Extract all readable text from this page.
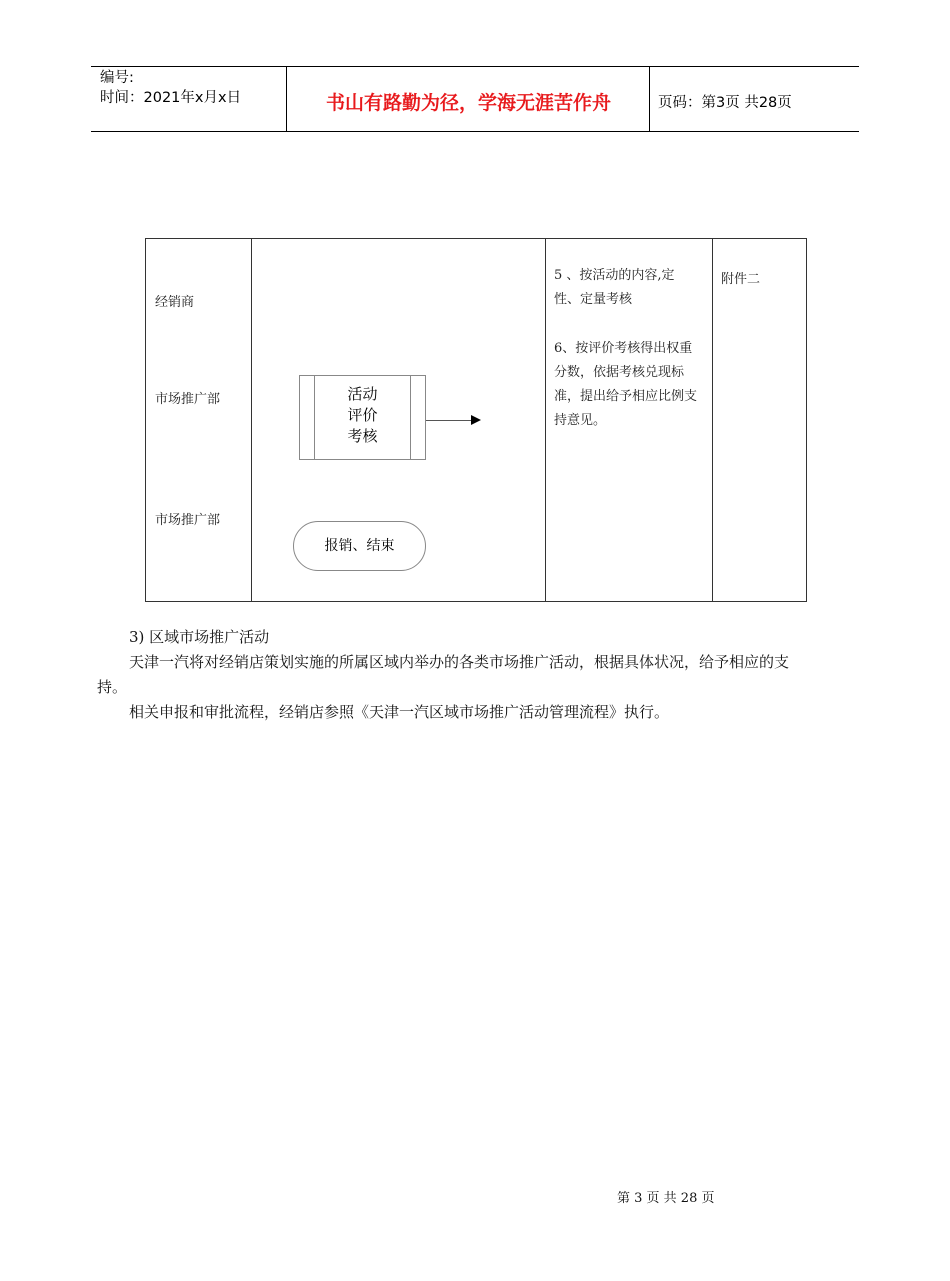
编号:
时间：2021年x月x日	书山有路勤为径，学海无涯苦作舟	页码：第3页 共28页
经销商
市场推广部
市场推广部
活动
评价
考核
报销、结束
5 、按活动的内容,定
性、定量考核
6、按评价考核得出权重
分数，依据考核兑现标
准，提出给予相应比例支
持意见。
附件二
3) 区域市场推广活动
天津一汽将对经销店策划实施的所属区域内举办的各类市场推广活动，根据具体状况，给予相应的支
持。
相关申报和审批流程，经销店参照《天津一汽区域市场推广活动管理流程》执行。
第 3 页 共 28 页
